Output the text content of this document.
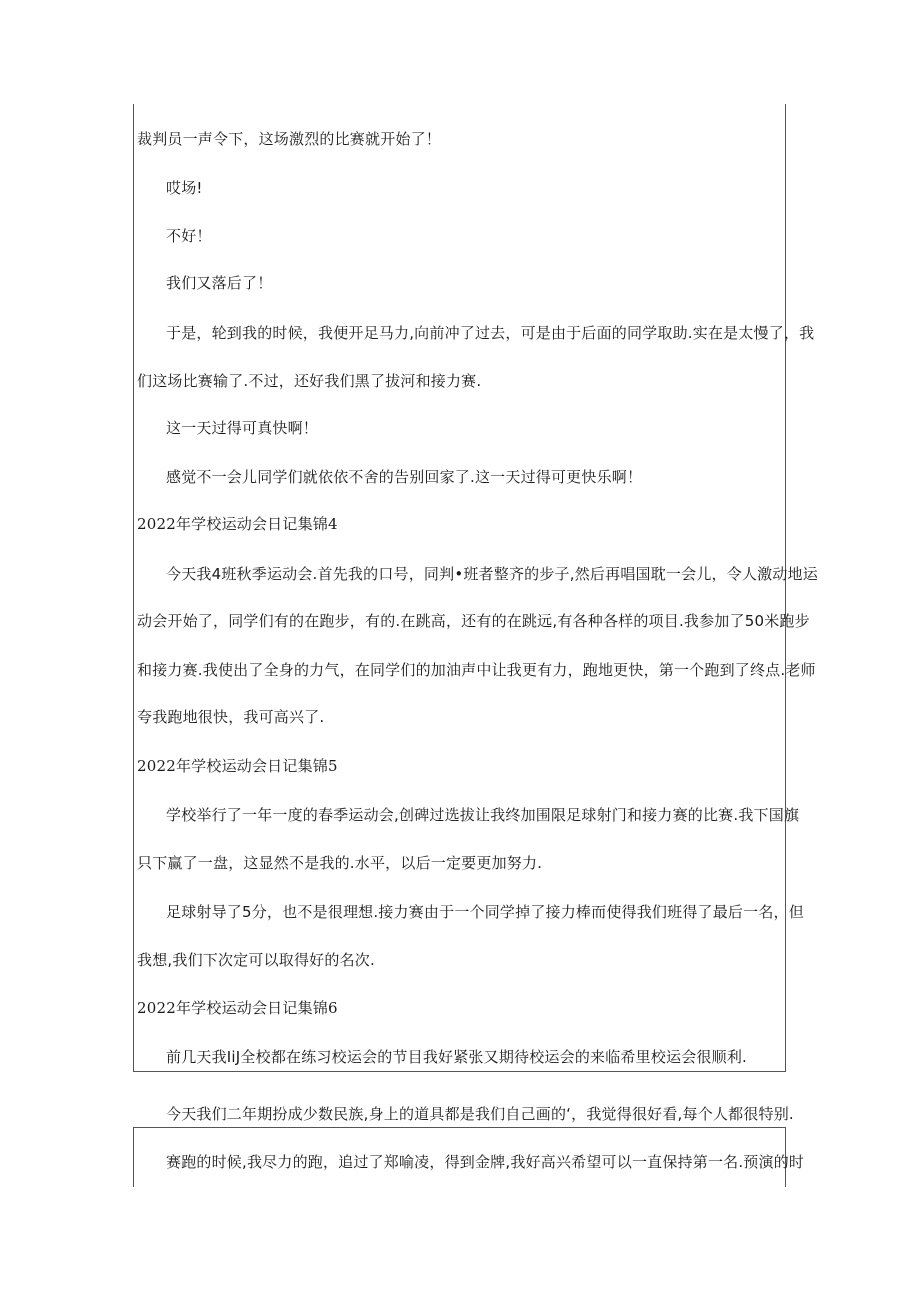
裁判员一声令下，这场激烈的比赛就开始了！
哎场!
不好！
我们又落后了！
于是，轮到我的时候，我便开足马力,向前冲了过去，可是由于后面的同学取助.实在是太慢了，我
们这场比赛输了.不过，还好我们黑了拔河和接力赛.
这一天过得可真快啊！
感觉不一会儿同学们就依依不舍的告别回家了.这一天过得可更快乐啊！
2022年学校运动会日记集锦4
今天我4班秋季运动会.首先我的口号，同判•班者整齐的步子,然后再唱国耽一会儿，令人激动地运
动会开始了，同学们有的在跑步，有的.在跳高，还有的在跳远,有各种各样的项目.我参加了50米跑步
和接力赛.我使出了全身的力气，在同学们的加油声中让我更有力，跑地更快，第一个跑到了终点.老师
夸我跑地很快，我可高兴了.
2022年学校运动会日记集锦5
学校举行了一年一度的春季运动会,创碑过选拔让我终加围限足球射门和接力赛的比赛.我下国旗
只下赢了一盘，这显然不是我的.水平，以后一定要更加努力.
足球射导了5分，也不是很理想.接力赛由于一个同学掉了接力棒而使得我们班得了最后一名，但
我想,我们下次定可以取得好的名次.
2022年学校运动会日记集锦6
前几天我IiJ全校都在练习校运会的节目我好紧张又期待校运会的来临希里校运会很顺利.
今天我们二年期扮成少数民族,身上的道具都是我们自己画的‘，我觉得很好看,每个人都很特别.
赛跑的时候,我尽力的跑，追过了郑喻凌，得到金牌,我好高兴希望可以一直保持第一名.预演的时
